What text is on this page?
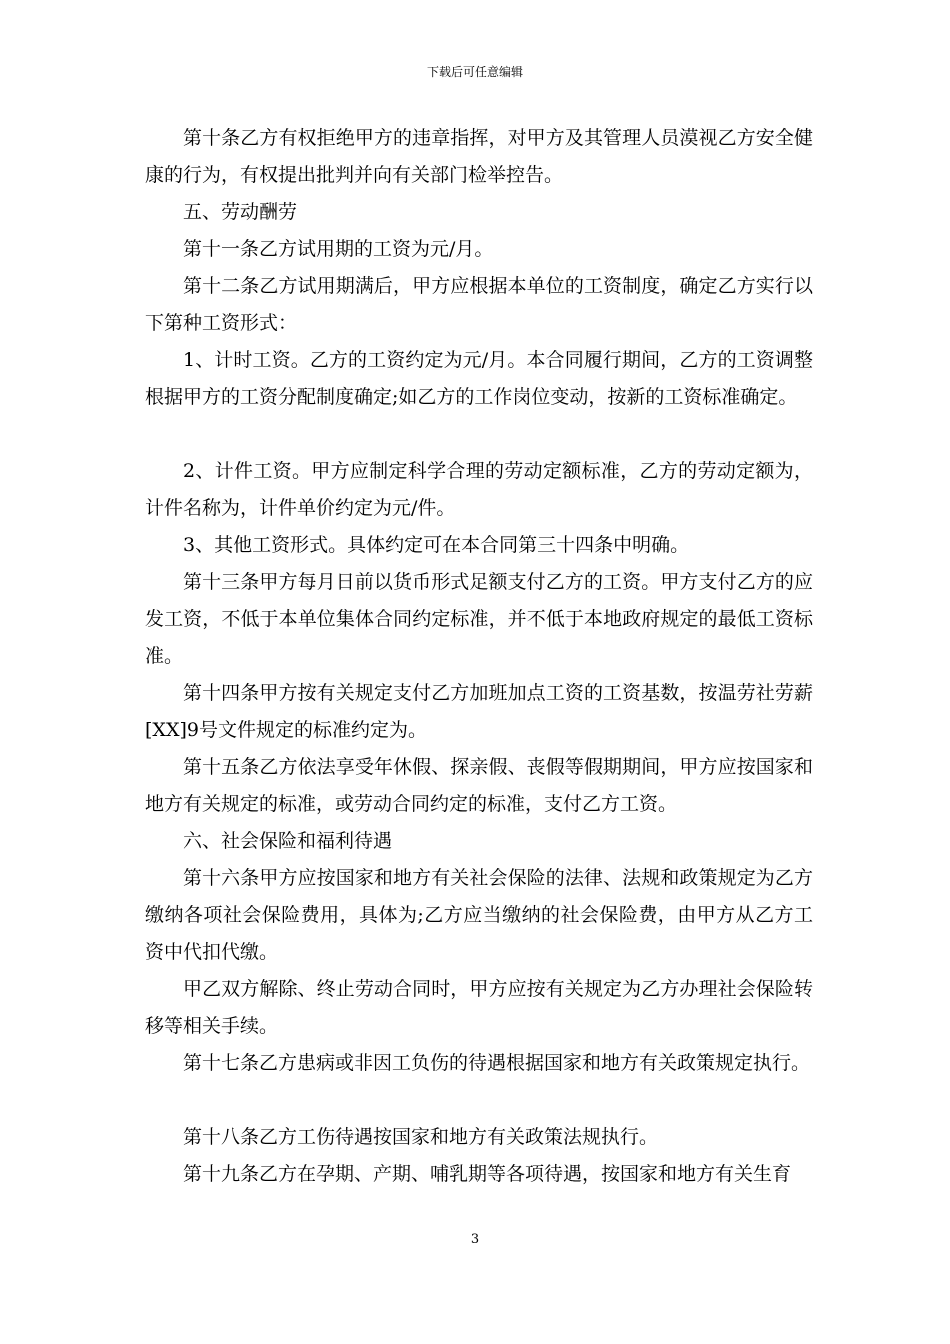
下载后可任意编辑

第十条乙方有权拒绝甲方的违章指挥，对甲方及其管理人员漠视乙方安全健康的行为，有权提出批判并向有关部门检举控告。

五、劳动酬劳

第十一条乙方试用期的工资为元/月。

第十二条乙方试用期满后，甲方应根据本单位的工资制度，确定乙方实行以下第种工资形式：

1、计时工资。乙方的工资约定为元/月。本合同履行期间，乙方的工资调整根据甲方的工资分配制度确定;如乙方的工作岗位变动，按新的工资标准确定。

2、计件工资。甲方应制定科学合理的劳动定额标准，乙方的劳动定额为，计件名称为，计件单价约定为元/件。

3、其他工资形式。具体约定可在本合同第三十四条中明确。

第十三条甲方每月日前以货币形式足额支付乙方的工资。甲方支付乙方的应发工资，不低于本单位集体合同约定标准，并不低于本地政府规定的最低工资标准。

第十四条甲方按有关规定支付乙方加班加点工资的工资基数，按温劳社劳薪[XX]9号文件规定的标准约定为。

第十五条乙方依法享受年休假、探亲假、丧假等假期期间，甲方应按国家和地方有关规定的标准，或劳动合同约定的标准，支付乙方工资。

六、社会保险和福利待遇

第十六条甲方应按国家和地方有关社会保险的法律、法规和政策规定为乙方缴纳各项社会保险费用，具体为;乙方应当缴纳的社会保险费，由甲方从乙方工资中代扣代缴。

甲乙双方解除、终止劳动合同时，甲方应按有关规定为乙方办理社会保险转移等相关手续。

第十七条乙方患病或非因工负伤的待遇根据国家和地方有关政策规定执行。

第十八条乙方工伤待遇按国家和地方有关政策法规执行。

第十九条乙方在孕期、产期、哺乳期等各项待遇，按国家和地方有关生育

3
